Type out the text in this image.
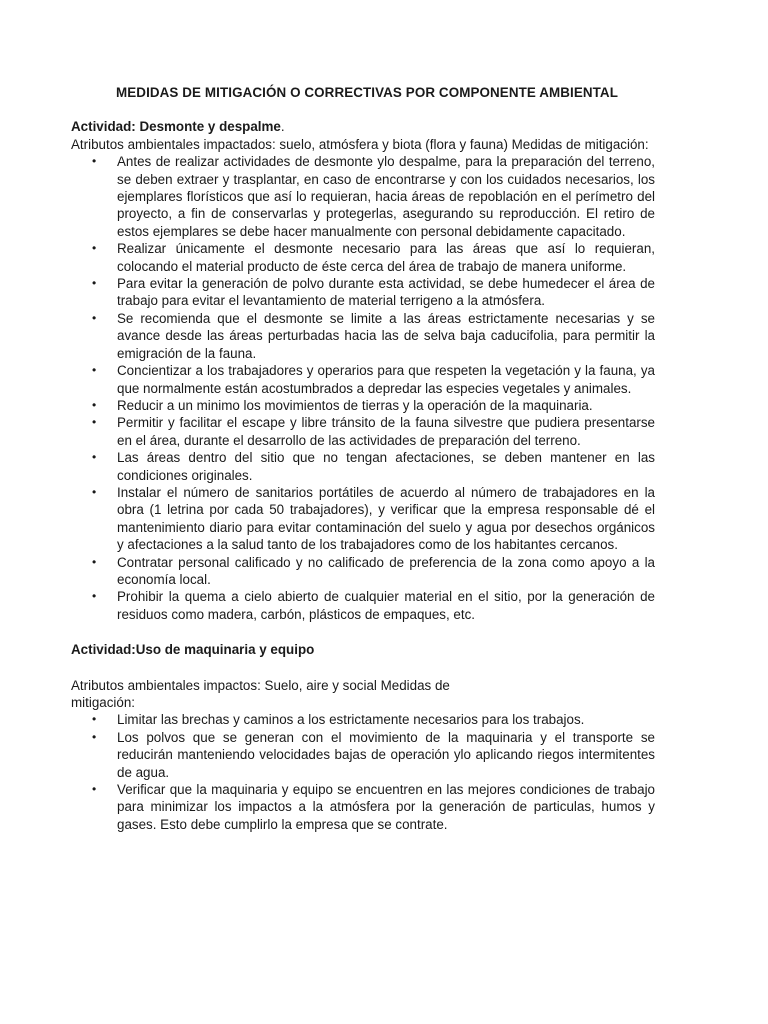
MEDIDAS DE MITIGACIÓN O CORRECTIVAS POR COMPONENTE AMBIENTAL
Actividad: Desmonte y despalme.

Atributos ambientales impactados: suelo, atmósfera y biota (flora y fauna) Medidas de mitigación:

• Antes de realizar actividades de desmonte ylo despalme, para la preparación del terreno, se deben extraer y trasplantar, en caso de encontrarse y con los cuidados necesarios, los ejemplares florísticos que así lo requieran, hacia áreas de repoblación en el perímetro del proyecto, a fin de conservarlas y protegerlas, asegurando su reproducción. El retiro de estos ejemplares se debe hacer manualmente con personal debidamente capacitado.
• Realizar únicamente el desmonte necesario para las áreas que así lo requieran, colocando el material producto de éste cerca del área de trabajo de manera uniforme.
• Para evitar la generación de polvo durante esta actividad, se debe humedecer el área de trabajo para evitar el levantamiento de material terrigeno a la atmósfera.
• Se recomienda que el desmonte se limite a las áreas estrictamente necesarias y se avance desde las áreas perturbadas hacia las de selva baja caducifolia, para permitir la emigración de la fauna.
• Concientizar a los trabajadores y operarios para que respeten la vegetación y la fauna, ya que normalmente están acostumbrados a depredar las especies vegetales y animales.
• Reducir a un minimo los movimientos de tierras y la operación de la maquinaria.
• Permitir y facilitar el escape y libre tránsito de la fauna silvestre que pudiera presentarse en el área, durante el desarrollo de las actividades de preparación del terreno.
• Las áreas dentro del sitio que no tengan afectaciones, se deben mantener en las condiciones originales.
• Instalar el número de sanitarios portátiles de acuerdo al número de trabajadores en la obra (1 letrina por cada 50 trabajadores), y verificar que la empresa responsable dé el mantenimiento diario para evitar contaminación del suelo y agua por desechos orgánicos y afectaciones a la salud tanto de los trabajadores como de los habitantes cercanos.
• Contratar personal calificado y no calificado de preferencia de la zona como apoyo a la economía local.
• Prohibir la quema a cielo abierto de cualquier material en el sitio, por la generación de residuos como madera, carbón, plásticos de empaques, etc.
Actividad:Uso de maquinaria y equipo

Atributos ambientales impactos: Suelo, aire y social Medidas de
mitigación:

• Limitar las brechas y caminos a los estrictamente necesarios para los trabajos.
• Los polvos que se generan con el movimiento de la maquinaria y el transporte se reducirán manteniendo velocidades bajas de operación ylo aplicando riegos intermitentes de agua.
• Verificar que la maquinaria y equipo se encuentren en las mejores condiciones de trabajo para minimizar los impactos a la atmósfera por la generación de particulas, humos y gases. Esto debe cumplirlo la empresa que se contrate.
